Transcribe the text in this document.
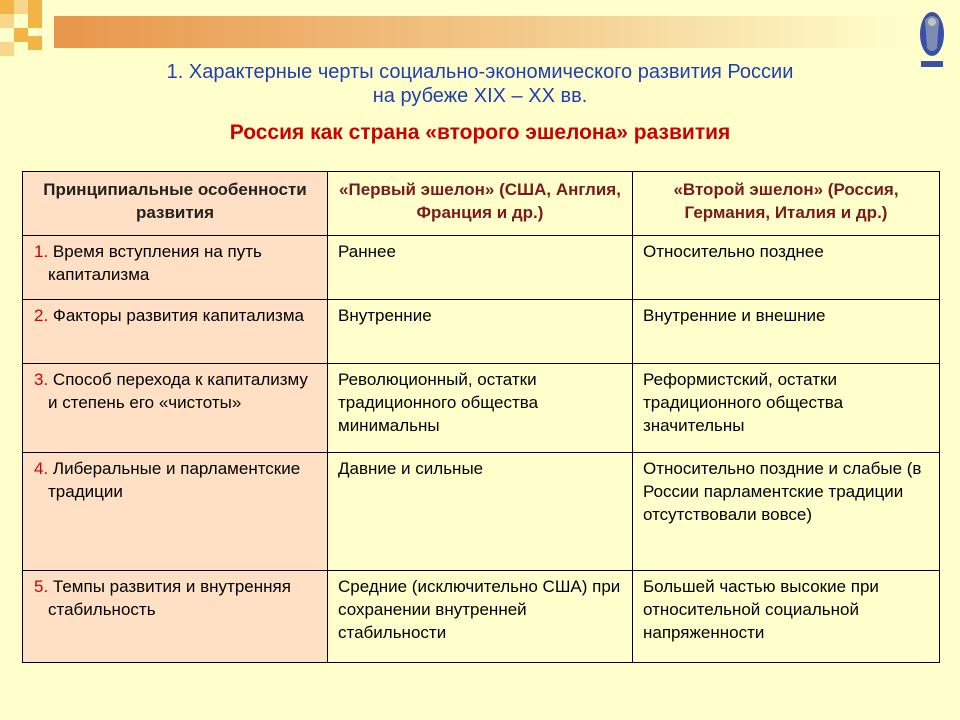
1. Характерные черты социально-экономического развития России
на рубеже XIX – XX вв.
Россия как страна «второго эшелона» развития
Принципиальные особенности развития	«Первый эшелон» (США, Англия, Франция и др.)	«Второй эшелон» (Россия, Германия, Италия и др.)
1. Время вступления на путь капитализма	Раннее	Относительно позднее
2. Факторы развития капитализма	Внутренние	Внутренние и внешние
3. Способ перехода к капитализму и степень его «чистоты»	Революционный, остатки традиционного общества минимальны	Реформистский, остатки традиционного общества значительны
4. Либеральные и парламентские традиции	Давние и сильные	Относительно поздние и слабые (в России парламентские традиции отсутствовали вовсе)
5. Темпы развития и внутренняя стабильность	Средние (исключительно США) при сохранении внутренней стабильности	Большей частью высокие при относительной социальной напряженности
